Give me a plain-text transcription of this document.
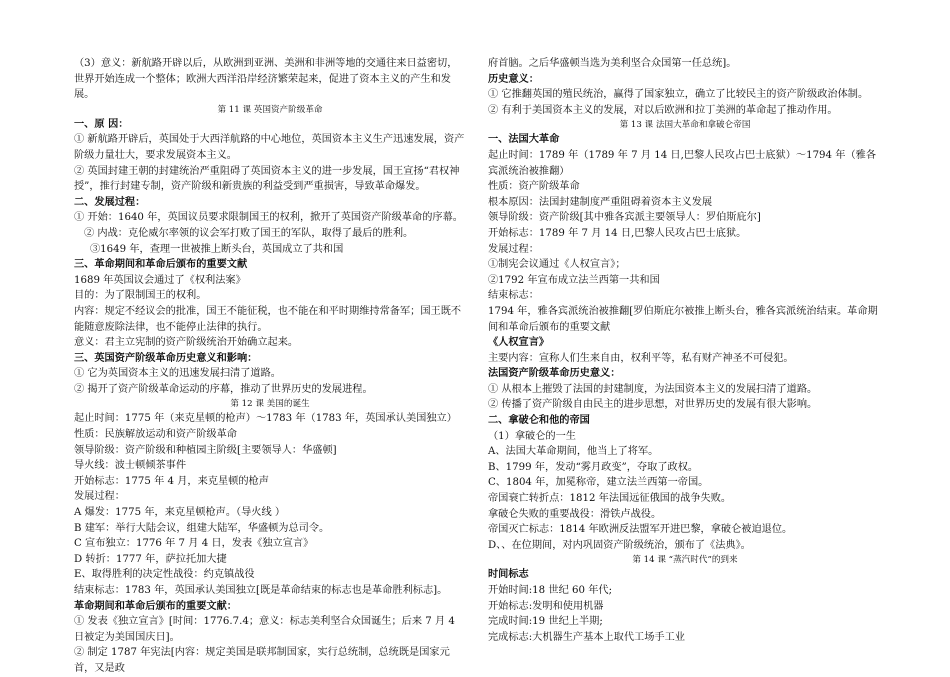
（3）意义：新航路开辟以后，从欧洲到亚洲、美洲和非洲等地的交通往来日益密切，世界开始连成一个整体；欧洲大西洋沿岸经济繁荣起来，促进了资本主义的产生和发展。

第 11 课 英国资产阶级革命

一、原 因：

① 新航路开辟后，英国处于大西洋航路的中心地位，英国资本主义生产迅速发展，资产阶级力量壮大，要求发展资本主义。

② 英国封建王朝的封建统治严重阻碍了英国资本主义的进一步发展，国王宣扬“君权神授”，推行封建专制，资产阶级和新贵族的利益受到严重损害，导致革命爆发。

二、发展过程：

① 开始：1640 年，英国议员要求限制国王的权利，掀开了英国资产阶级革命的序幕。

② 内战：克伦威尔率领的议会军打败了国王的军队，取得了最后的胜利。

③1649 年，查理一世被推上断头台，英国成立了共和国

三、革命期间和革命后颁布的重要文献

1689 年英国议会通过了《权利法案》

目的：为了限制国王的权利。

内容：规定不经议会的批准，国王不能征税，也不能在和平时期维持常备军；国王既不能随意废除法律，也不能停止法律的执行。

意义：君主立宪制的资产阶级统治开始确立起来。

三、英国资产阶级革命历史意义和影响：

① 它为英国资本主义的迅速发展扫清了道路。

② 揭开了资产阶级革命运动的序幕，推动了世界历史的发展进程。

第 12 课 美国的诞生

起止时间：1775 年（来克星顿的枪声）～1783 年（1783 年，英国承认美国独立）

性质：民族解放运动和资产阶级革命

领导阶级：资产阶级和种植园主阶级[主要领导人：华盛顿]

导火线：波士顿倾茶事件

开始标志：1775 年 4 月，来克星顿的枪声

发展过程：

A 爆发：1775 年，来克星顿枪声。（导火线 ）

B 建军：举行大陆会议，组建大陆军，华盛顿为总司令。

C 宣布独立：1776 年 7 月 4 日，发表《独立宣言》

D 转折：1777 年，萨拉托加大捷

E、取得胜利的决定性战役：约克镇战役

结束标志：1783 年，英国承认美国独立[既是革命结束的标志也是革命胜利标志]。

革命期间和革命后颁布的重要文献：

① 发表《独立宣言》[时间：1776.7.4；意义：标志美利坚合众国诞生；后来 7 月 4 日被定为美国国庆日]。

② 制定 1787 年宪法[内容：规定美国是联邦制国家，实行总统制，总统既是国家元首，又是政

府首脑。之后华盛顿当选为美利坚合众国第一任总统]。

历史意义：

① 它推翻英国的殖民统治，赢得了国家独立，确立了比较民主的资产阶级政治体制。

② 有利于美国资本主义的发展，对以后欧洲和拉丁美洲的革命起了推动作用。

第 13 课 法国大革命和拿破仑帝国

一、法国大革命

起止时间：1789 年（1789 年 7 月 14 日,巴黎人民攻占巴士底狱）～1794 年（雅各宾派统治被推翻）

性质：资产阶级革命

根本原因：法国封建制度严重阻碍着资本主义发展

领导阶级：资产阶级[其中雅各宾派主要领导人：罗伯斯庇尔]

开始标志：1789 年 7 月 14 日,巴黎人民攻占巴士底狱。

发展过程：

①制宪会议通过《人权宣言》；

②1792 年宣布成立法兰西第一共和国

结束标志：

1794 年，雅各宾派统治被推翻[罗伯斯庇尔被推上断头台，雅各宾派统治结束。革命期间和革命后颁布的重要文献

《人权宣言》

主要内容：宣称人们生来自由，权利平等，私有财产神圣不可侵犯。

法国资产阶级革命历史意义：

① 从根本上摧毁了法国的封建制度，为法国资本主义的发展扫清了道路。

② 传播了资产阶级自由民主的进步思想，对世界历史的发展有很大影响。

二、拿破仑和他的帝国

（1）拿破仑的一生

A、法国大革命期间，他当上了将军。

B、1799 年，发动“雾月政变”，夺取了政权。

C、1804 年，加冕称帝，建立法兰西第一帝国。

帝国衰亡转折点：1812 年法国远征俄国的战争失败。

拿破仑失败的重要战役：滑铁卢战役。

帝国灭亡标志：1814 年欧洲反法盟军开进巴黎，拿破仑被迫退位。

D、、在位期间，对内巩固资产阶级统治，颁布了《法典》。

第 14 课 “蒸汽时代”的到来

时间标志

开始时间:18 世纪 60 年代;

开始标志:发明和使用机器

完成时间:19 世纪上半期;

完成标志:大机器生产基本上取代工场手工业
